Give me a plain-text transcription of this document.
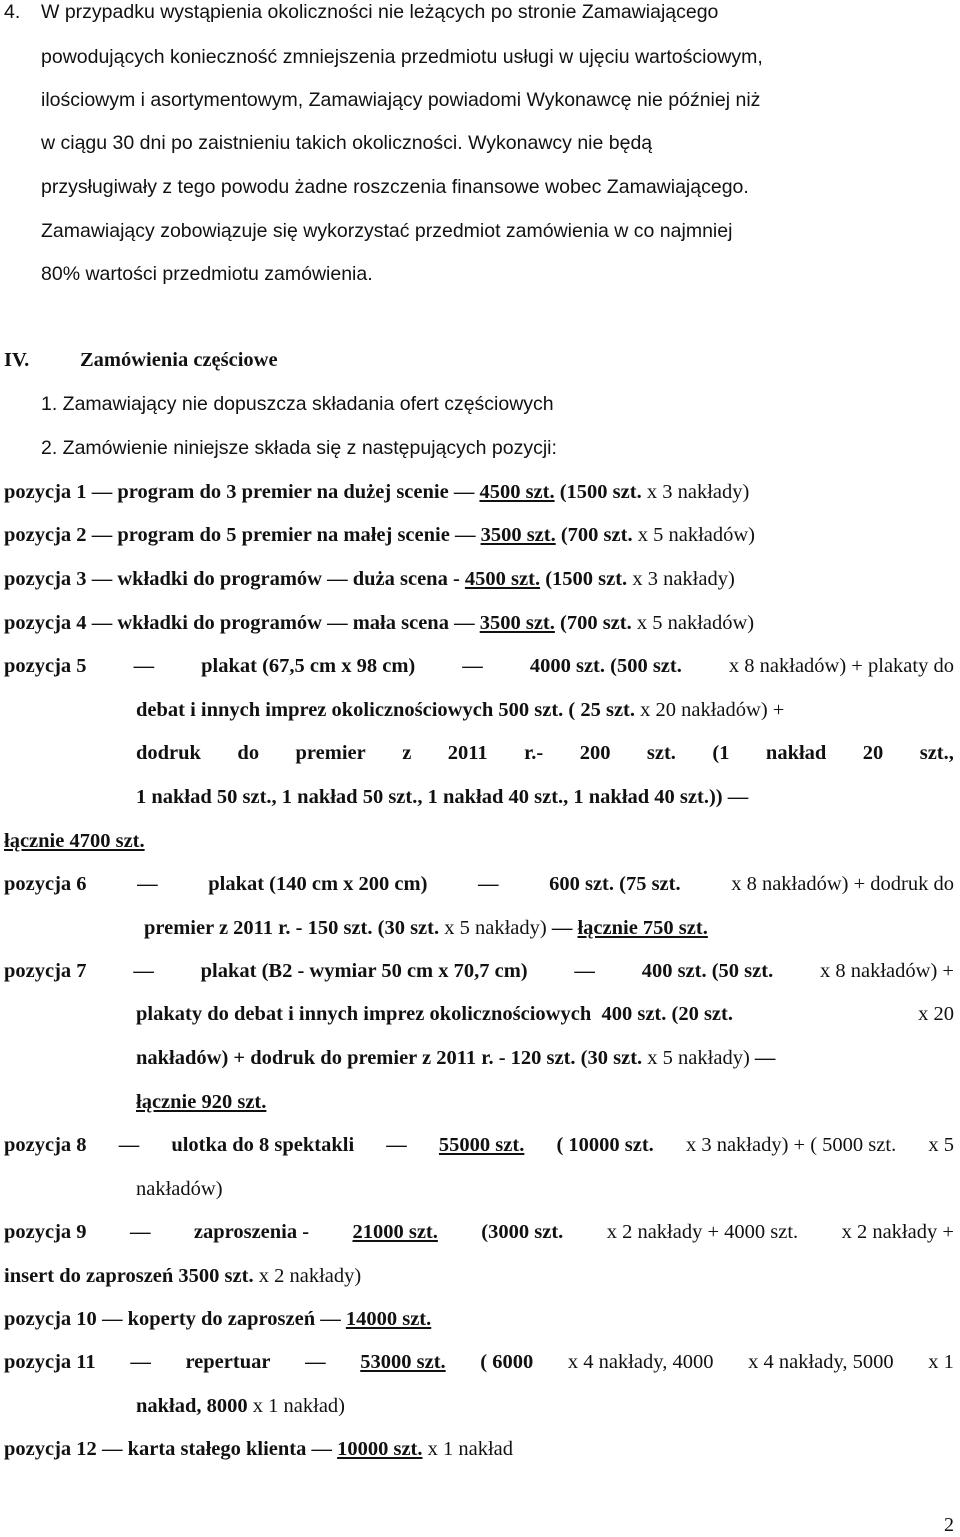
4. W przypadku wystąpienia okoliczności nie leżących po stronie Zamawiającego
powodujących konieczność zmniejszenia przedmiotu usługi w ujęciu wartościowym,
ilościowym i asortymentowym, Zamawiający powiadomi Wykonawcę nie później niż
w ciągu 30 dni po zaistnieniu takich okoliczności. Wykonawcy nie będą
przysługiwały z tego powodu żadne roszczenia finansowe wobec Zamawiającego.
Zamawiający zobowiązuje się wykorzystać przedmiot zamówienia w co najmniej
80% wartości przedmiotu zamówienia.
IV. Zamówienia częściowe
1. Zamawiający nie dopuszcza składania ofert częściowych
2. Zamówienie niniejsze składa się z następujących pozycji:
pozycja 1 — program do 3 premier na dużej scenie — 4500 szt. (1500 szt. x 3 nakłady)
pozycja 2 — program do 5 premier na małej scenie — 3500 szt. (700 szt. x 5 nakładów)
pozycja 3 — wkładki do programów — duża scena - 4500 szt. (1500 szt. x 3 nakłady)
pozycja 4 — wkładki do programów — mała scena — 3500 szt. (700 szt. x 5 nakładów)
pozycja 5 — plakat (67,5 cm x 98 cm) — 4000 szt. (500 szt. x 8 nakładów) + plakaty do
debat i innych imprez okolicznościowych 500 szt. ( 25 szt. x 20 nakładów) +
dodruk do premier z 2011 r.- 200 szt. (1 nakład 20 szt.,
1 nakład 50 szt., 1 nakład 50 szt., 1 nakład 40 szt., 1 nakład 40 szt.)) —
łącznie 4700 szt.
pozycja 6 — plakat (140 cm x 200 cm) — 600 szt. (75 szt. x 8 nakładów) + dodruk do
premier z 2011 r. - 150 szt. (30 szt. x 5 nakłady) — łącznie 750 szt.
pozycja 7 — plakat (B2 - wymiar 50 cm x 70,7 cm) — 400 szt. (50 szt. x 8 nakładów) +
plakaty do debat i innych imprez okolicznościowych  400 szt. (20 szt.	x 20
nakładów) + dodruk do premier z 2011 r. - 120 szt. (30 szt. x 5 nakłady) —
łącznie 920 szt.
pozycja 8 — ulotka do 8 spektakli — 55000 szt. ( 10000 szt. x 3 nakłady) + ( 5000 szt. x 5
nakładów)
pozycja 9 — zaproszenia - 21000 szt. (3000 szt. x 2 nakłady + 4000 szt. x 2 nakłady +
insert do zaproszeń 3500 szt. x 2 nakłady)
pozycja 10 — koperty do zaproszeń — 14000 szt.
pozycja 11 — repertuar — 53000 szt. ( 6000 x 4 nakłady, 4000 x 4 nakłady, 5000 x 1
nakład, 8000 x 1 nakład)
pozycja 12 — karta stałego klienta — 10000 szt. x 1 nakład
2
